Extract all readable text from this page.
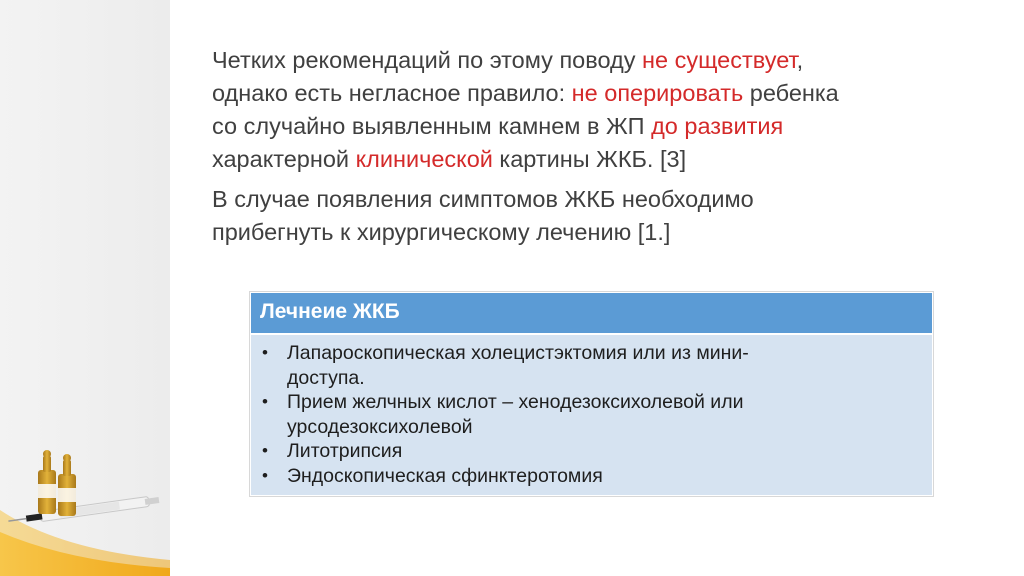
Четких рекомендаций по этому поводу не существует,
однако есть негласное правило: не оперировать ребенка
со случайно выявленным камнем в ЖП до развития
характерной клинической картины ЖКБ. [3]

В случае появления симптомов ЖКБ необходимо
прибегнуть к хирургическому лечению [1.]

Лечнеие ЖКБ
• Лапароскопическая холецистэктомия или из мини-
доступа.
• Прием желчных кислот – хенодезоксихолевой или
урсодезоксихолевой
• Литотрипсия
• Эндоскопическая сфинктеротомия
